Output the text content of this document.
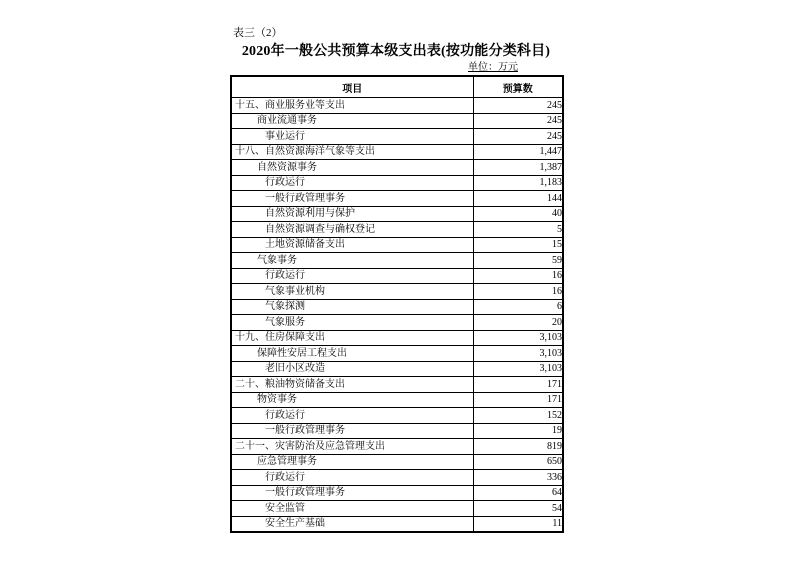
表三（2）
2020年一般公共预算本级支出表(按功能分类科目)
单位：万元
项目	预算数
十五、商业服务业等支出	245
商业流通事务	245
事业运行	245
十八、自然资源海洋气象等支出	1,447
自然资源事务	1,387
行政运行	1,183
一般行政管理事务	144
自然资源利用与保护	40
自然资源调查与确权登记	5
土地资源储备支出	15
气象事务	59
行政运行	16
气象事业机构	16
气象探测	6
气象服务	20
十九、住房保障支出	3,103
保障性安居工程支出	3,103
老旧小区改造	3,103
二十、粮油物资储备支出	171
物资事务	171
行政运行	152
一般行政管理事务	19
二十一、灾害防治及应急管理支出	819
应急管理事务	650
行政运行	336
一般行政管理事务	64
安全监管	54
安全生产基础	11
